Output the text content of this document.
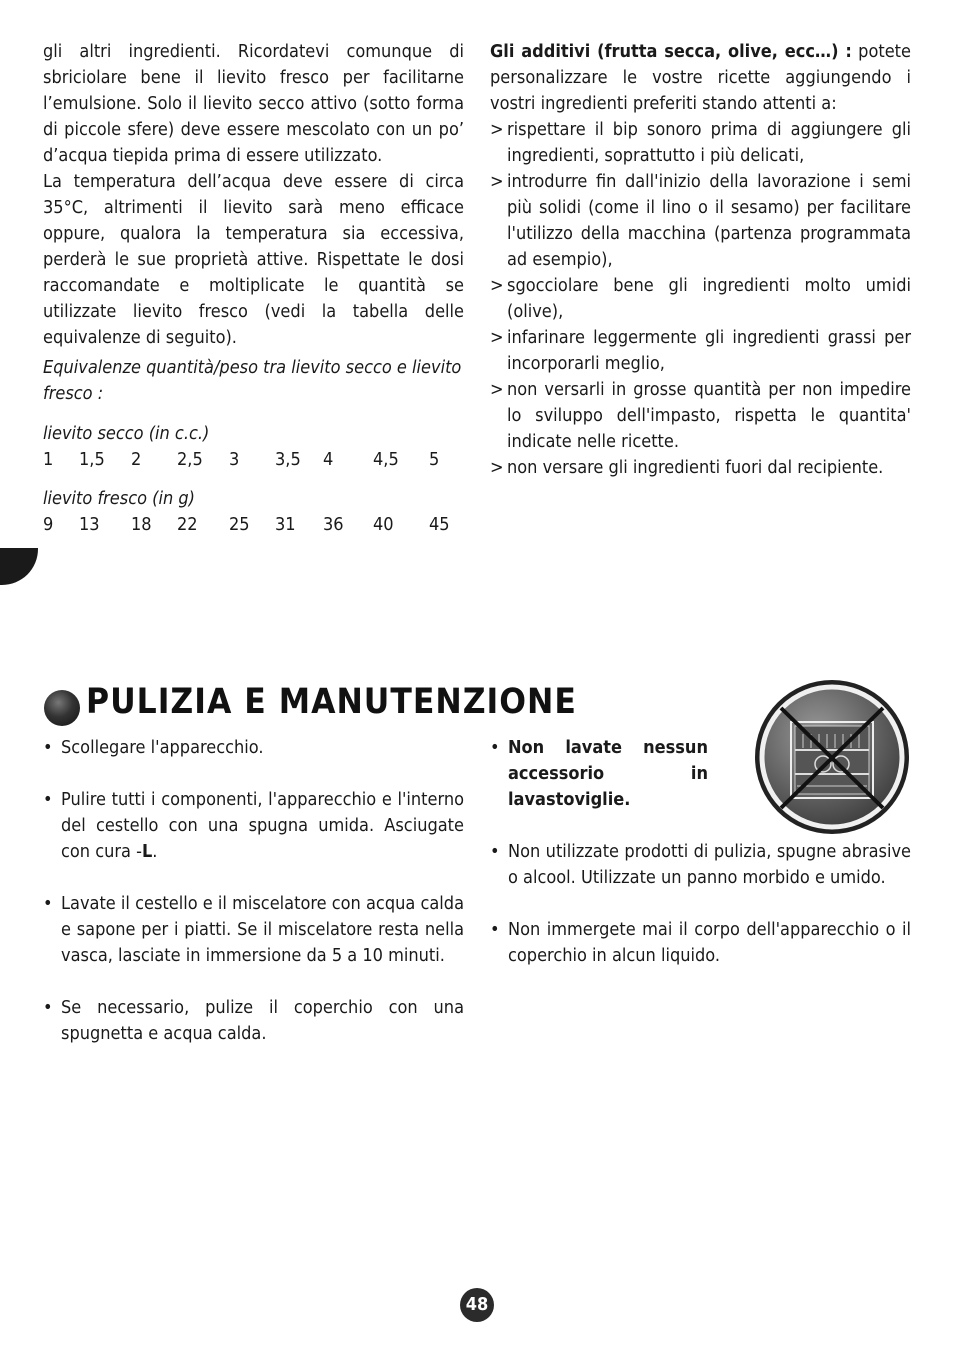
gli altri ingredienti. Ricordatevi comunque di sbriciolare bene il lievito fresco per facilitarne l’emulsione. Solo il lievito secco attivo (sotto forma di piccole sfere) deve essere mescolato con un po’ d’acqua tiepida prima di essere utilizzato.

La temperatura dell’acqua deve essere di circa 35°C, altrimenti il lievito sarà meno efficace oppure, qualora la temperatura sia eccessiva, perderà le sue proprietà attive. Rispettate le dosi raccomandate e moltiplicate le quantità se utilizzate lievito fresco (vedi la tabella delle equivalenze di seguito).

Equivalenze quantità/peso tra lievito secco e lievito fresco :

lievito secco (in c.c.)

1 1,5 2 2,5 3 3,5 4 4,5 5

lievito fresco (in g)

9 13 18 22 25 31 36 40 45

Gli additivi (frutta secca, olive, ecc…) : potete personalizzare le vostre ricette aggiungendo i vostri ingredienti preferiti stando attenti a:

> rispettare il bip sonoro prima di aggiungere gli ingredienti, soprattutto i più delicati,
> introdurre fin dall'inizio della lavorazione i semi più solidi (come il lino o il sesamo) per facilitare l'utilizzo della macchina (partenza programmata ad esempio),
> sgocciolare bene gli ingredienti molto umidi (olive),
> infarinare leggermente gli ingredienti grassi per incorporarli meglio,
> non versarli in grosse quantità per non impedire lo sviluppo dell'impasto, rispetta le quantita' indicate nelle ricette.
> non versare gli ingredienti fuori dal recipiente.
PULIZIA E MANUTENZIONE
• Scollegare l'apparecchio.
• Pulire tutti i componenti, l'apparecchio e l'interno del cestello con una spugna umida. Asciugate con cura -L.
• Lavate il cestello e il miscelatore con acqua calda e sapone per i piatti. Se il miscelatore resta nella vasca, lasciate in immersione da 5 a 10 minuti.
• Se necessario, pulize il coperchio con una spugnetta e acqua calda.
• Non lavate nessun accessorio in lavastoviglie.
• Non utilizzate prodotti di pulizia, spugne abrasive o alcool. Utilizzate un panno morbido e umido.
• Non immergete mai il corpo dell'apparecchio o il coperchio in alcun liquido.
48
